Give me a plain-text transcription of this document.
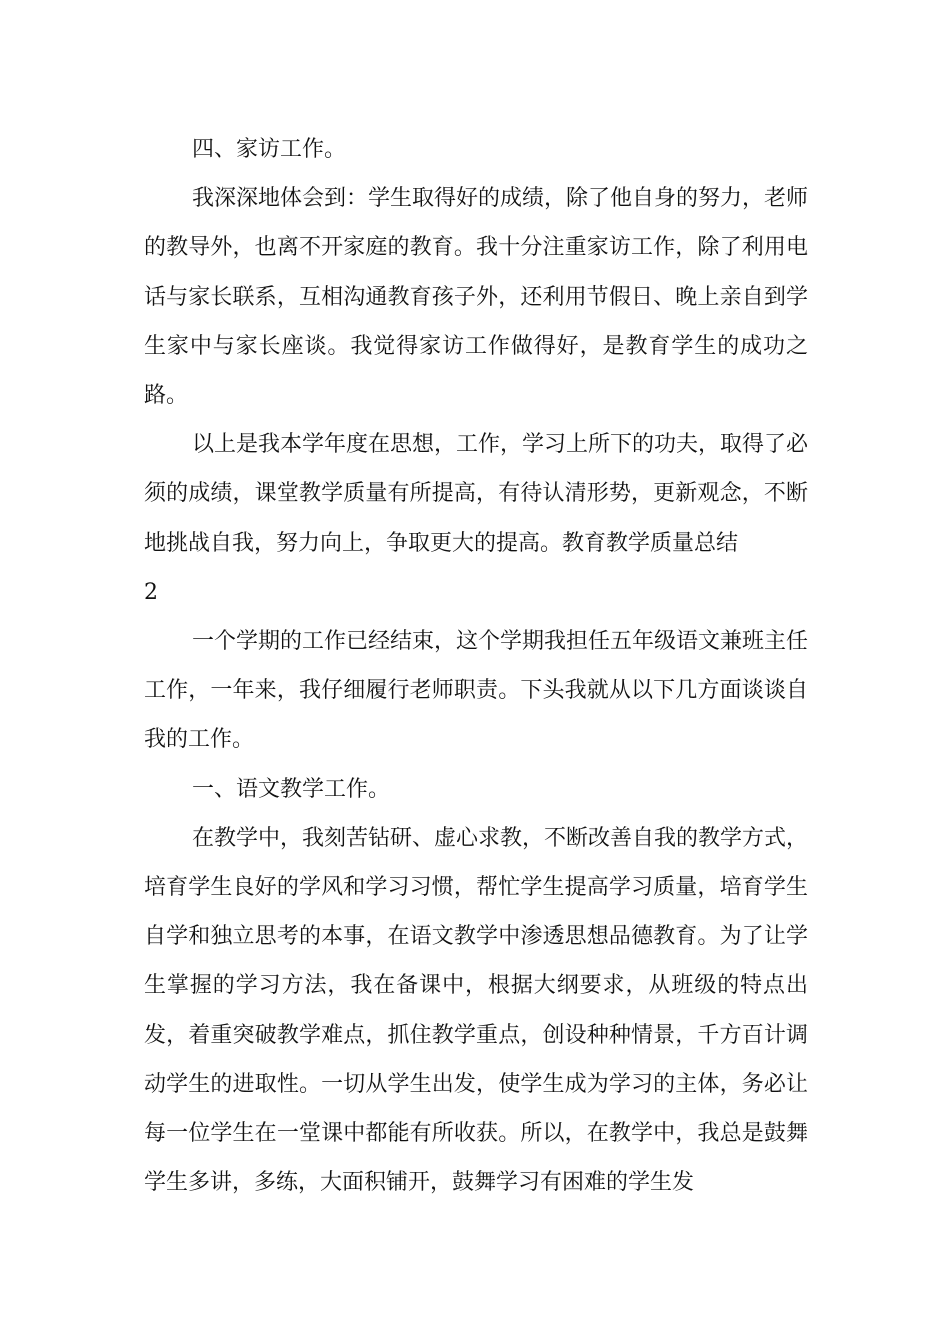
四、家访工作。

我深深地体会到：学生取得好的成绩，除了他自身的努力，老师的教导外，也离不开家庭的教育。我十分注重家访工作，除了利用电话与家长联系，互相沟通教育孩子外，还利用节假日、晚上亲自到学生家中与家长座谈。我觉得家访工作做得好，是教育学生的成功之路。

以上是我本学年度在思想，工作，学习上所下的功夫，取得了必须的成绩，课堂教学质量有所提高，有待认清形势，更新观念，不断地挑战自我，努力向上，争取更大的提高。教育教学质量总结

2

一个学期的工作已经结束，这个学期我担任五年级语文兼班主任工作，一年来，我仔细履行老师职责。下头我就从以下几方面谈谈自我的工作。

一、语文教学工作。

在教学中，我刻苦钻研、虚心求教，不断改善自我的教学方式，培育学生良好的学风和学习习惯，帮忙学生提高学习质量，培育学生自学和独立思考的本事，在语文教学中渗透思想品德教育。为了让学生掌握的学习方法，我在备课中，根据大纲要求，从班级的特点出发，着重突破教学难点，抓住教学重点，创设种种情景，千方百计调动学生的进取性。一切从学生出发，使学生成为学习的主体，务必让每一位学生在一堂课中都能有所收获。所以，在教学中，我总是鼓舞学生多讲，多练，大面积铺开，鼓舞学习有困难的学生发
